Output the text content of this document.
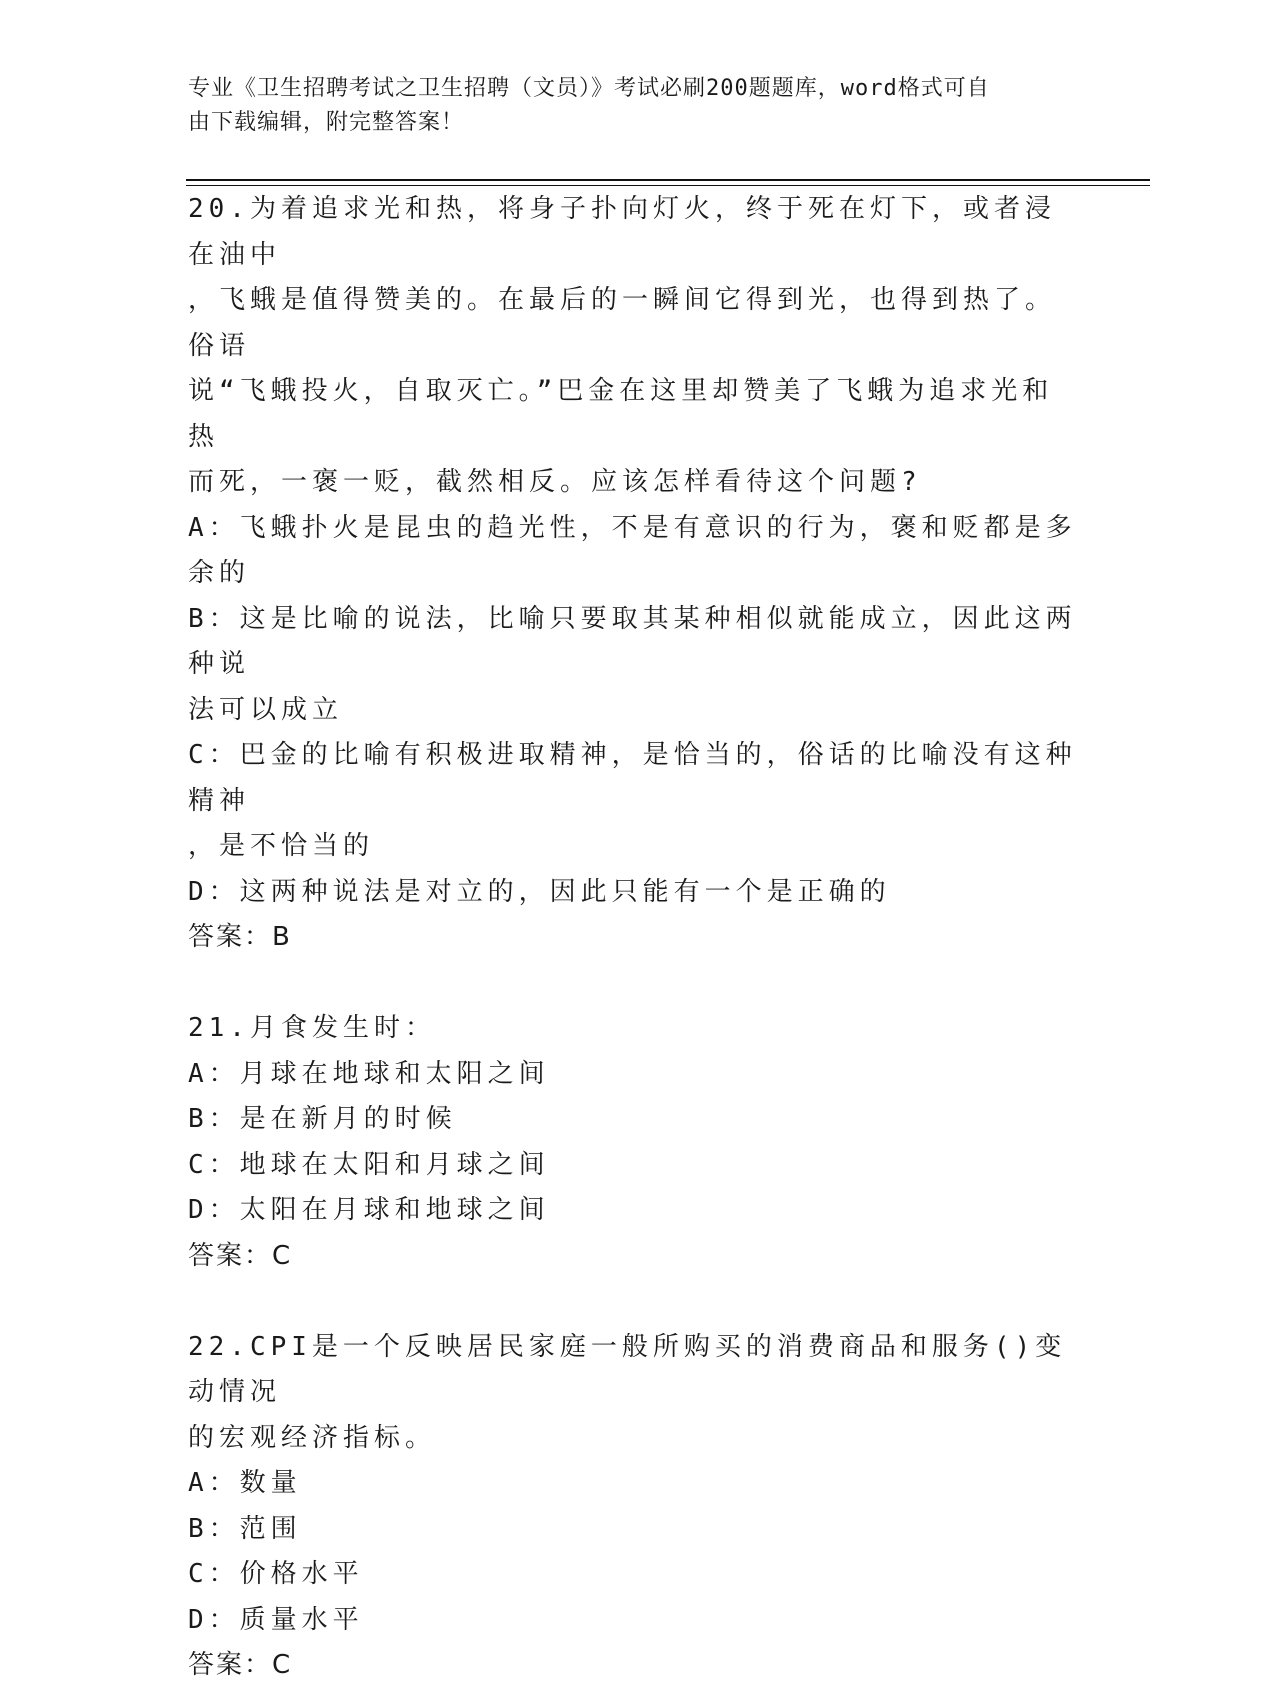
专业《卫生招聘考试之卫生招聘（文员）》考试必刷200题题库，word格式可自
由下载编辑，附完整答案！
20.为着追求光和热，将身子扑向灯火，终于死在灯下，或者浸在油中
，飞蛾是值得赞美的。在最后的一瞬间它得到光，也得到热了。俗语
说“飞蛾投火，自取灭亡。”巴金在这里却赞美了飞蛾为追求光和热
而死，一褒一贬，截然相反。应该怎样看待这个问题?
A：飞蛾扑火是昆虫的趋光性，不是有意识的行为，褒和贬都是多余的
B：这是比喻的说法，比喻只要取其某种相似就能成立，因此这两种说
法可以成立
C：巴金的比喻有积极进取精神，是恰当的，俗话的比喻没有这种精神
，是不恰当的
D：这两种说法是对立的，因此只能有一个是正确的
答案：B
21.月食发生时：
A：月球在地球和太阳之间
B：是在新月的时候
C：地球在太阳和月球之间
D：太阳在月球和地球之间
答案：C
22.CPI是一个反映居民家庭一般所购买的消费商品和服务()变动情况
的宏观经济指标。
A：数量
B：范围
C：价格水平
D：质量水平
答案：C
